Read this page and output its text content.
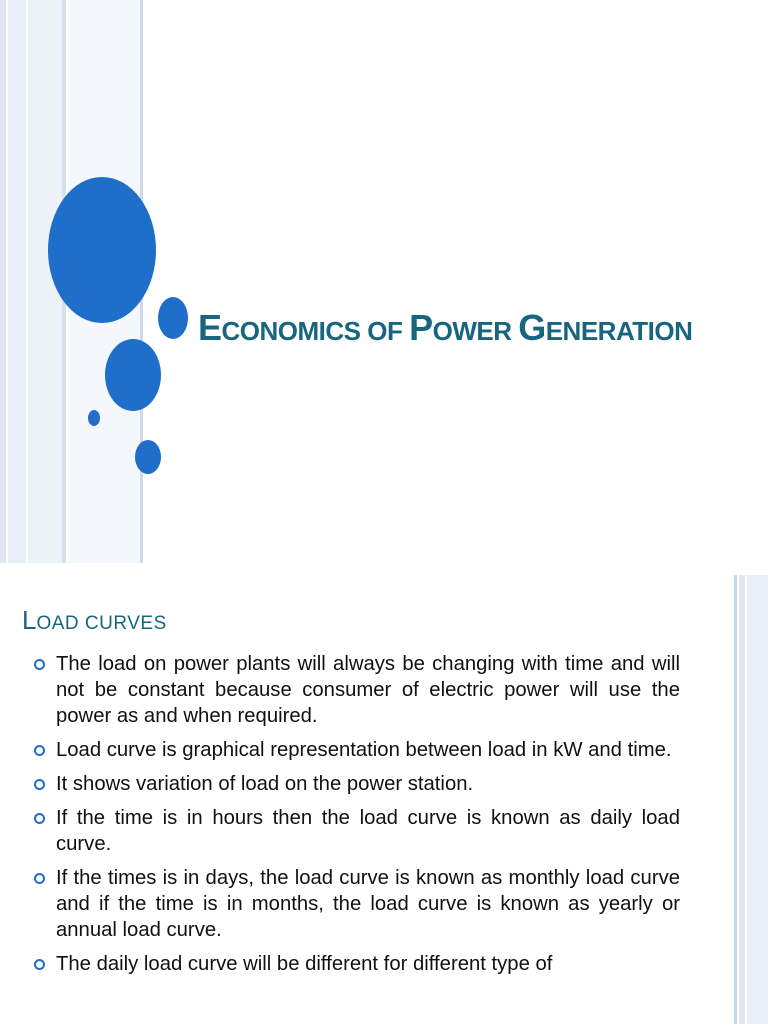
ECONOMICS OF POWER GENERATION
LOAD CURVES
The load on power plants will always be changing with time and will not be constant because consumer of electric power will use the power as and when required.
Load curve is graphical representation between load in kW and time.
It shows variation of load on the power station.
If the time is in hours then the load curve is known as daily load curve.
If the times is in days, the load curve is known as monthly load curve and if the time is in months, the load curve is known as yearly or annual load curve.
The daily load curve will be different for different type of
